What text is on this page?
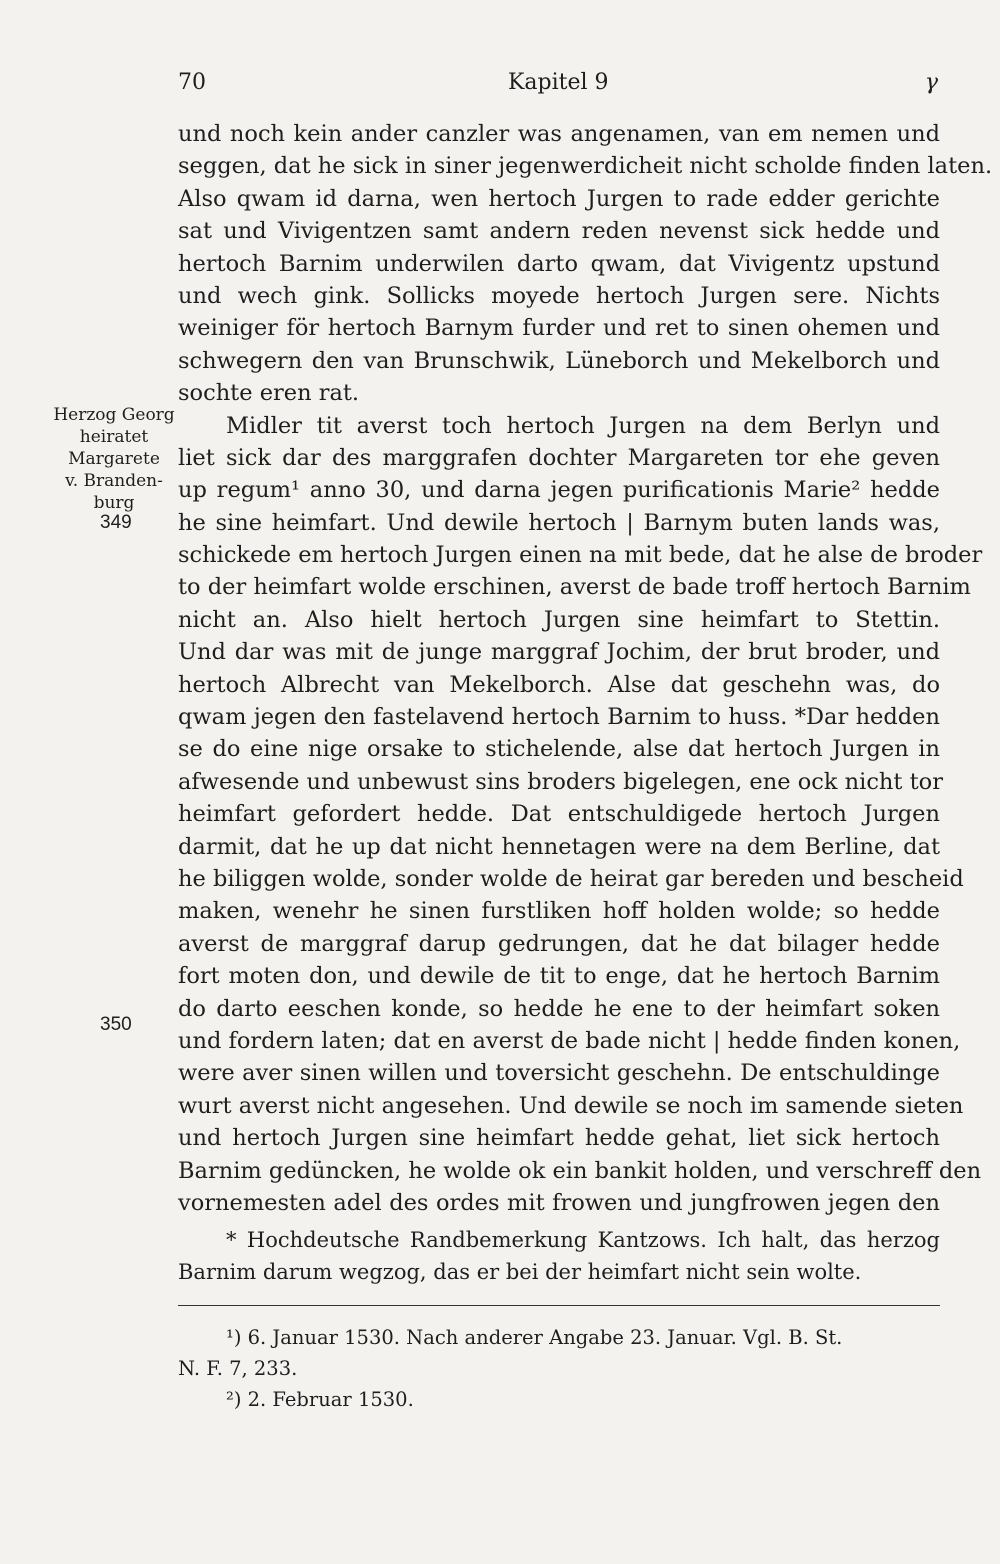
70	Kapitel 9	γ
Herzog Georg
heiratet
Margarete
v. Branden-
burg
349
350
und noch kein ander canzler was angenamen, van em nemen und
seggen, dat he sick in siner jegenwerdicheit nicht scholde finden laten.
Also qwam id darna, wen hertoch Jurgen to rade edder gerichte
sat und Vivigentzen samt andern reden nevenst sick hedde und
hertoch Barnim underwilen darto qwam, dat Vivigentz upstund
und wech gink. Sollicks moyede hertoch Jurgen sere. Nichts
weiniger för hertoch Barnym furder und ret to sinen ohemen und
schwegern den van Brunschwik, Lüneborch und Mekelborch und
sochte eren rat.
Midler tit averst toch hertoch Jurgen na dem Berlyn und
liet sick dar des marggrafen dochter Margareten tor ehe geven
up regum¹ anno 30, und darna jegen purificationis Marie² hedde
he sine heimfart. Und dewile hertoch | Barnym buten lands was,
schickede em hertoch Jurgen einen na mit bede, dat he alse de broder
to der heimfart wolde erschinen, averst de bade troff hertoch Barnim
nicht an. Also hielt hertoch Jurgen sine heimfart to Stettin.
Und dar was mit de junge marggraf Jochim, der brut broder, und
hertoch Albrecht van Mekelborch. Alse dat geschehn was, do
qwam jegen den fastelavend hertoch Barnim to huss. *Dar hedden
se do eine nige orsake to stichelende, alse dat hertoch Jurgen in
afwesende und unbewust sins broders bigelegen, ene ock nicht tor
heimfart gefordert hedde. Dat entschuldigede hertoch Jurgen
darmit, dat he up dat nicht hennetagen were na dem Berline, dat
he biliggen wolde, sonder wolde de heirat gar bereden und bescheid
maken, wenehr he sinen furstliken hoff holden wolde; so hedde
averst de marggraf darup gedrungen, dat he dat bilager hedde
fort moten don, und dewile de tit to enge, dat he hertoch Barnim
do darto eeschen konde, so hedde he ene to der heimfart soken
und fordern laten; dat en averst de bade nicht | hedde finden konen,
were aver sinen willen und toversicht geschehn. De entschuldinge
wurt averst nicht angesehen. Und dewile se noch im samende sieten
und hertoch Jurgen sine heimfart hedde gehat, liet sick hertoch
Barnim gedüncken, he wolde ok ein bankit holden, und verschreff den
vornemesten adel des ordes mit frowen und jungfrowen jegen den
* Hochdeutsche Randbemerkung Kantzows. Ich halt, das herzog
Barnim darum wegzog, das er bei der heimfart nicht sein wolte.
¹) 6. Januar 1530. Nach anderer Angabe 23. Januar. Vgl. B. St.
N. F. 7, 233.
²) 2. Februar 1530.
